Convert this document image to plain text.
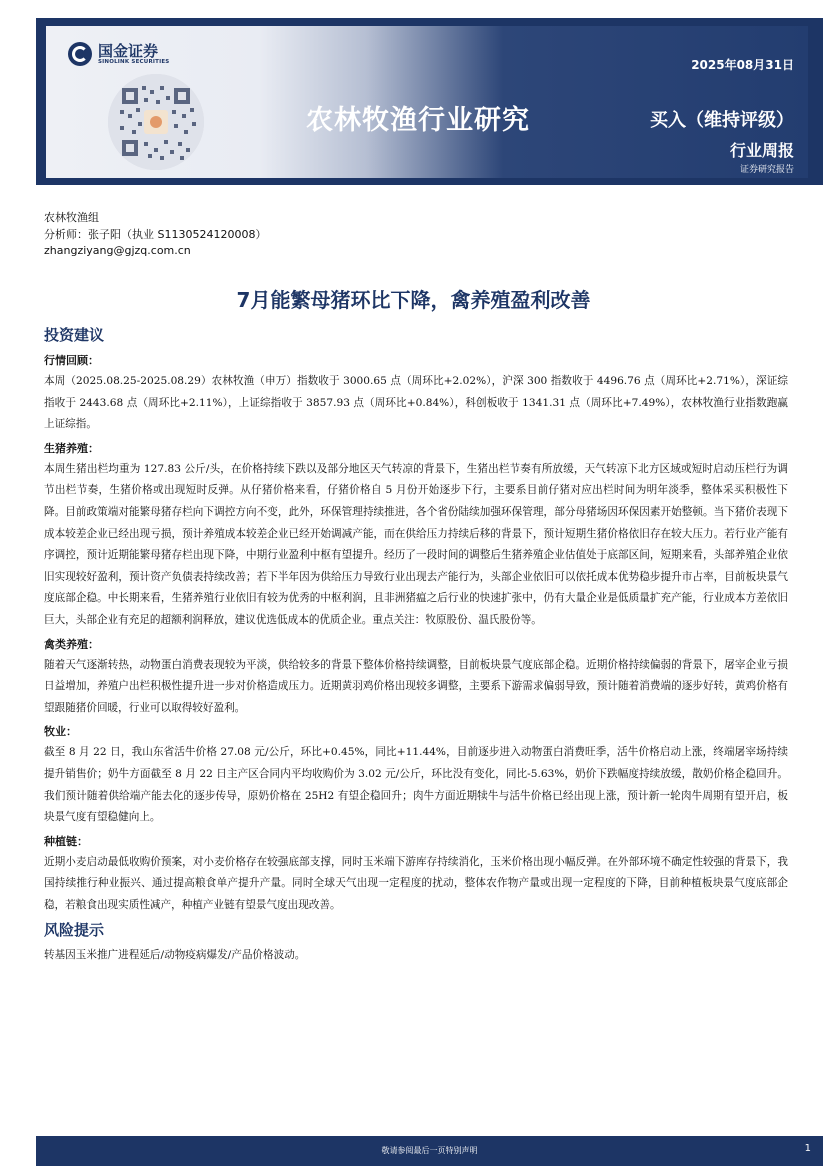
国金证券
SINOLINK SECURITIES
农林牧渔行业研究
2025年08月31日
买入（维持评级）
行业周报
证券研究报告
农林牧渔组
分析师：张子阳（执业 S1130524120008）
zhangziyang@gjzq.com.cn
7月能繁母猪环比下降，禽养殖盈利改善
投资建议
行情回顾：

本周（2025.08.25-2025.08.29）农林牧渔（申万）指数收于 3000.65 点（周环比+2.02%），沪深 300 指数收于 4496.76 点（周环比+2.71%），深证综指收于 2443.68 点（周环比+2.11%），上证综指收于 3857.93 点（周环比+0.84%），科创板收于 1341.31 点（周环比+7.49%），农林牧渔行业指数跑赢上证综指。

生猪养殖：

本周生猪出栏均重为 127.83 公斤/头，在价格持续下跌以及部分地区天气转凉的背景下，生猪出栏节奏有所放缓，天气转凉下北方区域或短时启动压栏行为调节出栏节奏，生猪价格或出现短时反弹。从仔猪价格来看，仔猪价格自 5 月份开始逐步下行，主要系目前仔猪对应出栏时间为明年淡季，整体采买积极性下降。目前政策端对能繁母猪存栏向下调控方向不变，此外，环保管理持续推进，各个省份陆续加强环保管理，部分母猪场因环保因素开始整顿。当下猪价表现下成本较差企业已经出现亏损，预计养殖成本较差企业已经开始调减产能，而在供给压力持续后移的背景下，预计短期生猪价格依旧存在较大压力。若行业产能有序调控，预计近期能繁母猪存栏出现下降，中期行业盈利中枢有望提升。经历了一段时间的调整后生猪养殖企业估值处于底部区间，短期来看，头部养殖企业依旧实现较好盈利，预计资产负债表持续改善；若下半年因为供给压力导致行业出现去产能行为，头部企业依旧可以依托成本优势稳步提升市占率，目前板块景气度底部企稳。中长期来看，生猪养殖行业依旧有较为优秀的中枢利润，且非洲猪瘟之后行业的快速扩张中，仍有大量企业是低质量扩充产能，行业成本方差依旧巨大，头部企业有充足的超额利润释放，建议优选低成本的优质企业。重点关注：牧原股份、温氏股份等。

禽类养殖：

随着天气逐渐转热，动物蛋白消费表现较为平淡，供给较多的背景下整体价格持续调整，目前板块景气度底部企稳。近期价格持续偏弱的背景下，屠宰企业亏损日益增加，养殖户出栏积极性提升进一步对价格造成压力。近期黄羽鸡价格出现较多调整，主要系下游需求偏弱导致，预计随着消费端的逐步好转，黄鸡价格有望跟随猪价回暖，行业可以取得较好盈利。

牧业：

截至 8 月 22 日，我山东省活牛价格 27.08 元/公斤，环比+0.45%，同比+11.44%，目前逐步进入动物蛋白消费旺季，活牛价格启动上涨，终端屠宰场持续提升销售价；奶牛方面截至 8 月 22 日主产区合同内平均收购价为 3.02 元/公斤，环比没有变化，同比-5.63%，奶价下跌幅度持续放缓，散奶价格企稳回升。我们预计随着供给端产能去化的逐步传导，原奶价格在 25H2 有望企稳回升；肉牛方面近期犊牛与活牛价格已经出现上涨，预计新一轮肉牛周期有望开启，板块景气度有望稳健向上。

种植链：

近期小麦启动最低收购价预案，对小麦价格存在较强底部支撑，同时玉米端下游库存持续消化，玉米价格出现小幅反弹。在外部环境不确定性较强的背景下，我国持续推行种业振兴、通过提高粮食单产提升产量。同时全球天气出现一定程度的扰动，整体农作物产量或出现一定程度的下降，目前种植板块景气度底部企稳，若粮食出现实质性减产，种植产业链有望景气度出现改善。

风险提示

转基因玉米推广进程延后/动物疫病爆发/产品价格波动。

敬请参阅最后一页特别声明	1
